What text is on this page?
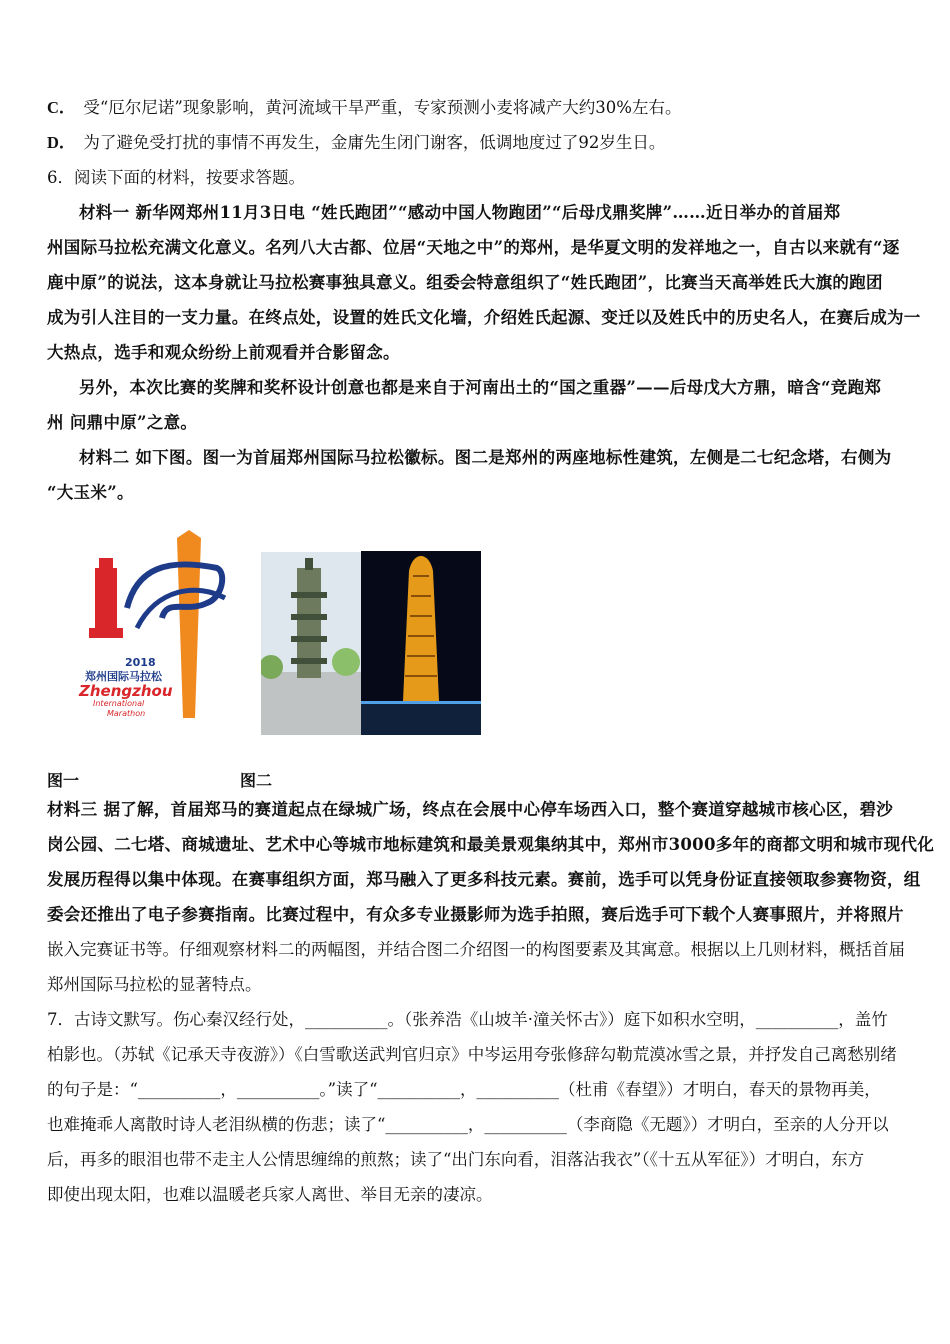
C． 受“厄尔尼诺”现象影响，黄河流域干旱严重，专家预测小麦将减产大约30%左右。
D． 为了避免受打扰的事情不再发生，金庸先生闭门谢客，低调地度过了92岁生日。
6．阅读下面的材料，按要求答题。
材料一 新华网郑州11月3日电 “姓氏跑团”“感动中国人物跑团”“后母戊鼎奖牌”……近日举办的首届郑
州国际马拉松充满文化意义。名列八大古都、位居“天地之中”的郑州，是华夏文明的发祥地之一，自古以来就有“逐
鹿中原”的说法，这本身就让马拉松赛事独具意义。组委会特意组织了“姓氏跑团”，比赛当天高举姓氏大旗的跑团
成为引人注目的一支力量。在终点处，设置的姓氏文化墙，介绍姓氏起源、变迁以及姓氏中的历史名人，在赛后成为一
大热点，选手和观众纷纷上前观看并合影留念。
另外，本次比赛的奖牌和奖杯设计创意也都是来自于河南出土的“国之重器”——后母戊大方鼎，暗含“竞跑郑
州 问鼎中原”之意。
材料二 如下图。图一为首届郑州国际马拉松徽标。图二是郑州的两座地标性建筑，左侧是二七纪念塔，右侧为
“大玉米”。
2018
郑州国际马拉松
Zhengzhou
International
Marathon
图一	图二
材料三 据了解，首届郑马的赛道起点在绿城广场，终点在会展中心停车场西入口，整个赛道穿越城市核心区，碧沙
岗公园、二七塔、商城遗址、艺术中心等城市地标建筑和最美景观集纳其中，郑州市3000多年的商都文明和城市现代化
发展历程得以集中体现。在赛事组织方面，郑马融入了更多科技元素。赛前，选手可以凭身份证直接领取参赛物资，组
委会还推出了电子参赛指南。比赛过程中，有众多专业摄影师为选手拍照，赛后选手可下载个人赛事照片，并将照片
嵌入完赛证书等。仔细观察材料二的两幅图，并结合图二介绍图一的构图要素及其寓意。根据以上几则材料，概括首届
郑州国际马拉松的显著特点。
7．古诗文默写。伤心秦汉经行处，__________。（张养浩《山坡羊·潼关怀古》）庭下如积水空明，__________，盖竹
柏影也。（苏轼《记承天寺夜游》）《白雪歌送武判官归京》中岑运用夸张修辞勾勒荒漠冰雪之景，并抒发自己离愁别绪
的句子是：“__________，__________。”读了“__________，__________（杜甫《春望》）才明白，春天的景物再美，
也难掩乖人离散时诗人老泪纵横的伤悲；读了“__________，__________（李商隐《无题》）才明白，至亲的人分开以
后，再多的眼泪也带不走主人公情思缠绵的煎熬；读了“出门东向看，泪落沾我衣”（《十五从军征》）才明白，东方
即使出现太阳，也难以温暖老兵家人离世、举目无亲的凄凉。
